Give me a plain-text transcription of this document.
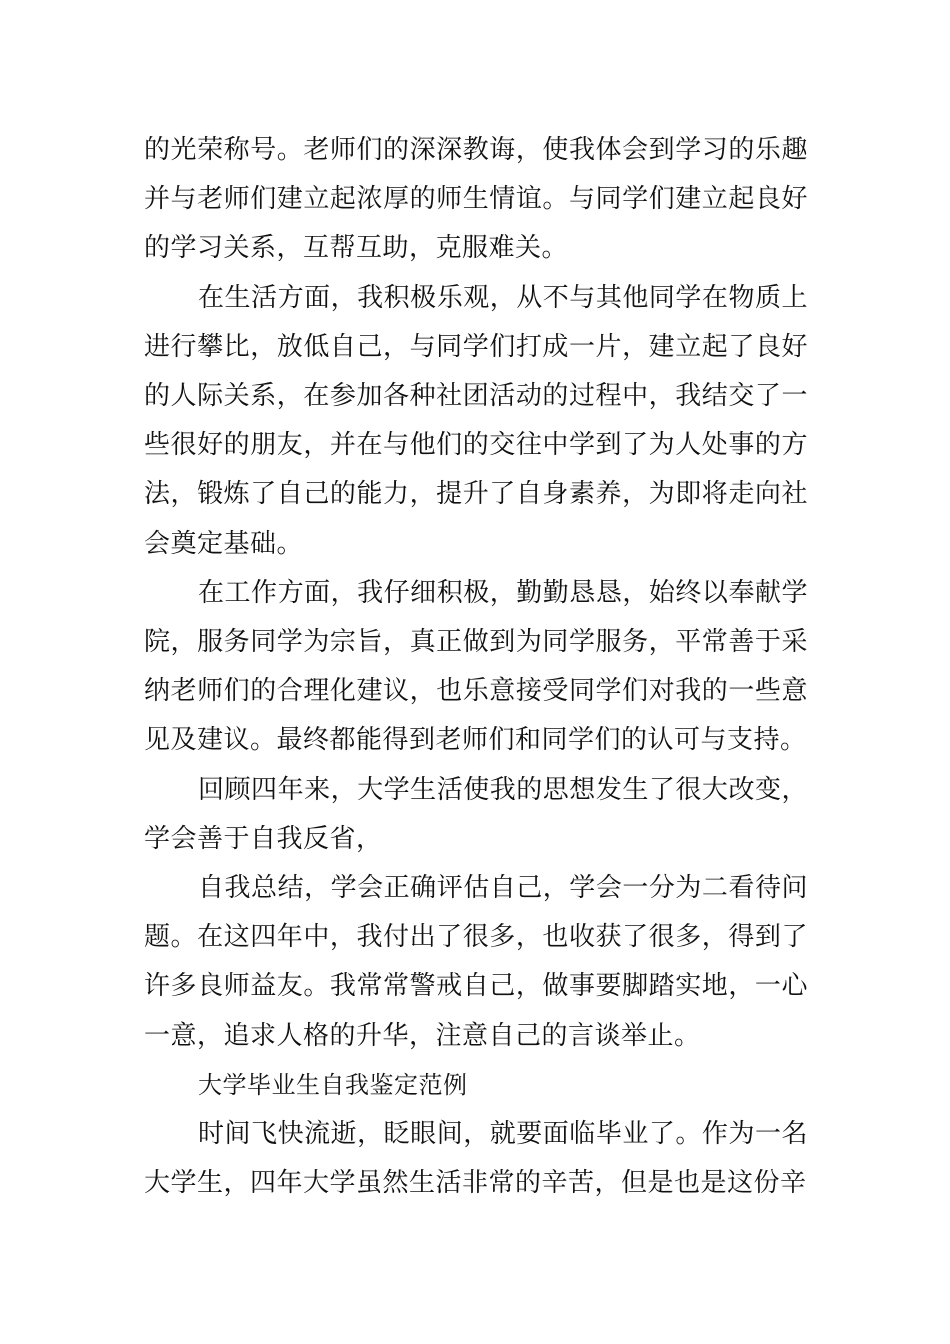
的光荣称号。老师们的深深教诲，使我体会到学习的乐趣并与老师们建立起浓厚的师生情谊。与同学们建立起良好的学习关系，互帮互助，克服难关。

在生活方面，我积极乐观，从不与其他同学在物质上进行攀比，放低自己，与同学们打成一片，建立起了良好的人际关系，在参加各种社团活动的过程中，我结交了一些很好的朋友，并在与他们的交往中学到了为人处事的方法，锻炼了自己的能力，提升了自身素养，为即将走向社会奠定基础。

在工作方面，我仔细积极，勤勤恳恳，始终以奉献学院，服务同学为宗旨，真正做到为同学服务，平常善于采纳老师们的合理化建议，也乐意接受同学们对我的一些意见及建议。最终都能得到老师们和同学们的认可与支持。

回顾四年来，大学生活使我的思想发生了很大改变，学会善于自我反省，

自我总结，学会正确评估自己，学会一分为二看待问题。在这四年中，我付出了很多，也收获了很多，得到了许多良师益友。我常常警戒自己，做事要脚踏实地，一心一意，追求人格的升华，注意自己的言谈举止。

大学毕业生自我鉴定范例

时间飞快流逝，眨眼间，就要面临毕业了。作为一名大学生，四年大学虽然生活非常的辛苦，但是也是这份辛
